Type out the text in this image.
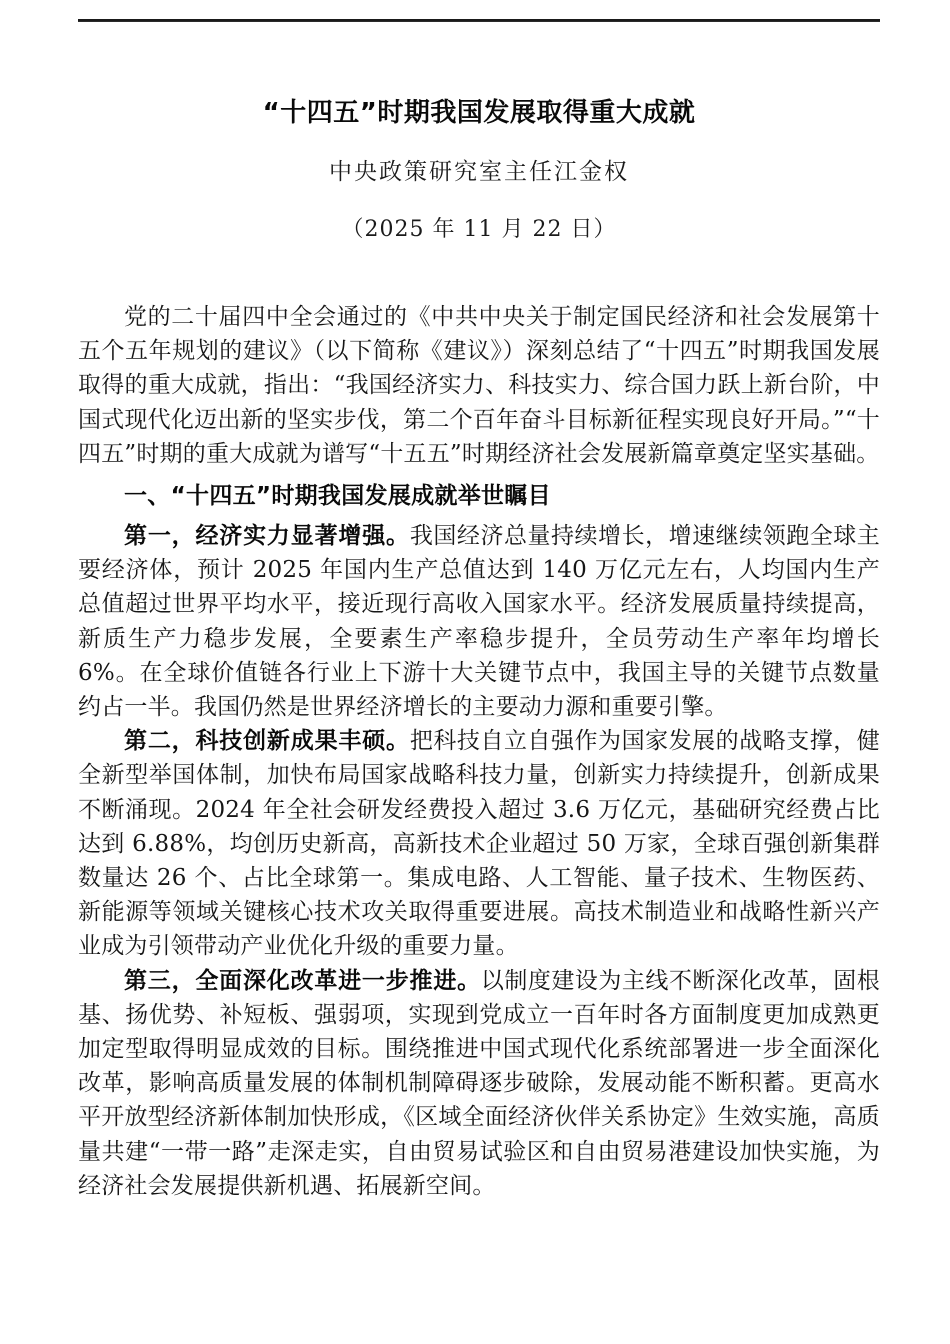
“十四五”时期我国发展取得重大成就

中央政策研究室主任江金权

（2025 年 11 月 22 日）

党的二十届四中全会通过的《中共中央关于制定国民经济和社会发展第十五个五年规划的建议》（以下简称《建议》）深刻总结了“十四五”时期我国发展取得的重大成就，指出：“我国经济实力、科技实力、综合国力跃上新台阶，中国式现代化迈出新的坚实步伐，第二个百年奋斗目标新征程实现良好开局。”“十四五”时期的重大成就为谱写“十五五”时期经济社会发展新篇章奠定坚实基础。

一、“十四五”时期我国发展成就举世瞩目

第一，经济实力显著增强。我国经济总量持续增长，增速继续领跑全球主要经济体，预计 2025 年国内生产总值达到 140 万亿元左右，人均国内生产总值超过世界平均水平，接近现行高收入国家水平。经济发展质量持续提高，新质生产力稳步发展，全要素生产率稳步提升，全员劳动生产率年均增长 6%。在全球价值链各行业上下游十大关键节点中，我国主导的关键节点数量约占一半。我国仍然是世界经济增长的主要动力源和重要引擎。

第二，科技创新成果丰硕。把科技自立自强作为国家发展的战略支撑，健全新型举国体制，加快布局国家战略科技力量，创新实力持续提升，创新成果不断涌现。2024 年全社会研发经费投入超过 3.6 万亿元，基础研究经费占比达到 6.88%，均创历史新高，高新技术企业超过 50 万家，全球百强创新集群数量达 26 个、占比全球第一。集成电路、人工智能、量子技术、生物医药、新能源等领域关键核心技术攻关取得重要进展。高技术制造业和战略性新兴产业成为引领带动产业优化升级的重要力量。

第三，全面深化改革进一步推进。以制度建设为主线不断深化改革，固根基、扬优势、补短板、强弱项，实现到党成立一百年时各方面制度更加成熟更加定型取得明显成效的目标。围绕推进中国式现代化系统部署进一步全面深化改革，影响高质量发展的体制机制障碍逐步破除，发展动能不断积蓄。更高水平开放型经济新体制加快形成，《区域全面经济伙伴关系协定》生效实施，高质量共建“一带一路”走深走实，自由贸易试验区和自由贸易港建设加快实施，为经济社会发展提供新机遇、拓展新空间。
